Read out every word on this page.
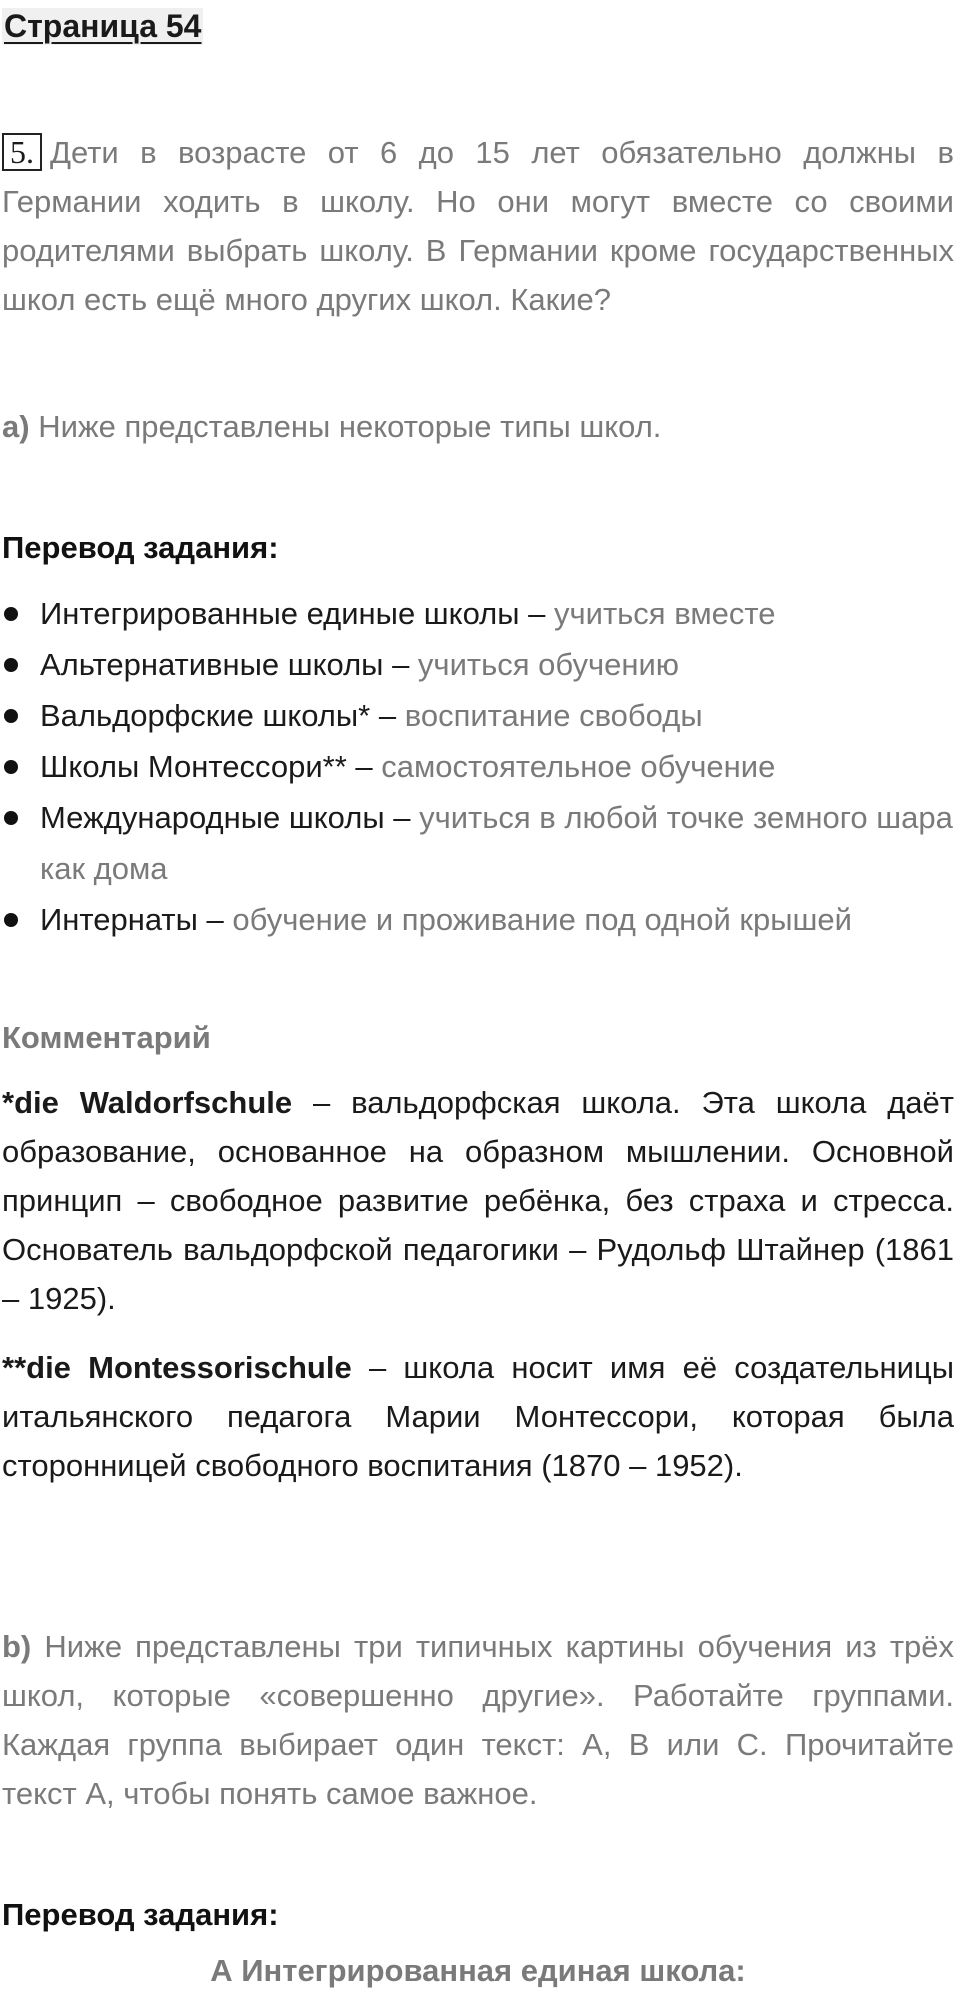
Страница 54
5. Дети в возрасте от 6 до 15 лет обязательно должны в Германии ходить в школу. Но они могут вместе со своими родителями выбрать школу. В Германии кроме государственных школ есть ещё много других школ. Какие?
a) Ниже представлены некоторые типы школ.
Перевод задания:
Интегрированные единые школы – учиться вместе
Альтернативные школы – учиться обучению
Вальдорфские школы* – воспитание свободы
Школы Монтессори** – самостоятельное обучение
Международные школы – учиться в любой точке земного шара как дома
Интернаты – обучение и проживание под одной крышей
Комментарий
*die Waldorfschule – вальдорфская школа. Эта школа даёт образование, основанное на образном мышлении. Основной принцип – свободное развитие ребёнка, без страха и стресса. Основатель вальдорфской педагогики – Рудольф Штайнер (1861 – 1925).
**die Montessorischule – школа носит имя её создательницы итальянского педагога Марии Монтессори, которая была сторонницей свободного воспитания (1870 – 1952).
b) Ниже представлены три типичных картины обучения из трёх школ, которые «совершенно другие». Работайте группами. Каждая группа выбирает один текст: А, В или С. Прочитайте текст А, чтобы понять самое важное.
Перевод задания:
А Интегрированная единая школа:
